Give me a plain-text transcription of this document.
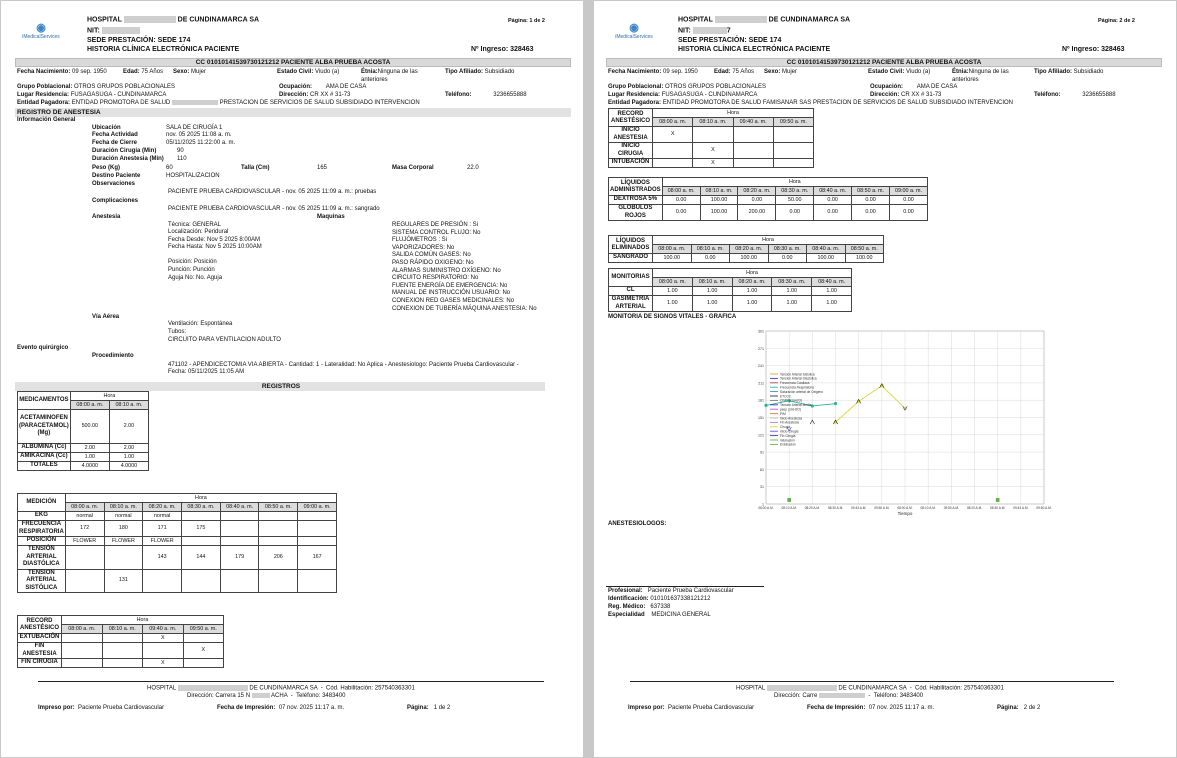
◉
iMedicalServices
HOSPITAL	DE CUNDINAMARCA SA
NIT:
SEDE PRESTACIÓN: SEDE 174
HISTORIA CLÍNICA ELECTRÓNICA PACIENTE
Página: 1 de 2
Nº Ingreso: 328463
CC 01010141539730121212 PACIENTE ALBA PRUEBA ACOSTA
Fecha Nacimiento: 09 sep. 1950	Edad: 75 Años Sexo: Mujer	Estado Civil: Viudo (a)	Étnia:Ninguna de las anteriores
Tipo Afiliado: Subsidiado
Grupo Poblacional: OTROS GRUPOS POBLACIONALES	Ocupación: AMA DE CASA
Lugar Residencia: FUSAGASUGA - CUNDINAMARCA	Dirección: CR XX # 31-73	Teléfono:	3236655888
Entidad Pagadora: ENTIDAD PROMOTORA DE SALUD	PRESTACION DE SERVICIOS DE SALUD SUBSIDIADO INTERVENCION
REGISTRO DE ANESTESIA
Información General
Ubicación	SALA DE CIRUGÍA 1
Fecha Actividad	nov. 05 2025 11:08 a. m.
Fecha de Cierre	05/11/2025 11:22:00 a. m.
Duración Cirugía (Min)	90
Duración Anestesia (Min) 110
Peso (Kg)	60	Talla (Cm)	165	Masa Corporal	22.0
Destino Paciente	HOSPITALIZACION
Observaciones
PACIENTE PRUEBA CARDIOVASCULAR - nov. 05 2025 11:09 a. m.: pruebas
Complicaciones
PACIENTE PRUEBA CARDIOVASCULAR - nov. 05 2025 11:09 a. m.: sangrado
Anestesia	Maquinas
Técnica: GENERAL
Localización: Peridural
Fecha Desde: Nov 5 2025 8:00AM
Fecha Hasta: Nov 5 2025 10:00AM
Posición: Posición
Punción: Punción
Aguja No: No. Aguja
REGULARES DE PRESIÓN : Si
SISTEMA CONTROL FLUJO: No
FLUJÓMETROS : Si
VAPORIZADORES: No
SALIDA COMÚN GASES: No
PASO RÁPIDO OXIGENO: No
ALARMAS SUMINISTRO OXÍGENO: No
CIRCUITO RESPIRATORIO: No
FUENTE ENERGÍA DE EMERGENCIA: No
MANUAL DE INSTRUCCIÓN USUARIO: No
CONEXION RED GASES MEDICINALES: No
CONEXION DE TUBERÍA MÁQUINA ANESTESIA: No
Vía Aérea
Ventilación: Espontánea
Tubos:
CIRCUITO PARA VENTILACION ADULTO
Evento quirúrgico
Procedimiento
471102 - APENDICECTOMIA VIA ABIERTA - Cantidad: 1 - Lateralidad: No Aplica - Anestesiologo: Paciente Prueba Cardiovascular -
Fecha: 05/11/2025 11:05 AM
REGISTROS
MEDICAMENTOS	Hora	
	08:00 a. m.	08:10 a. m.
ACETAMINOFEN (PARACETAMOL) (Mg)	500.00	2.00
ALBUMINA (Cc)	2.00	2.00
AMIKACINA (Cc)	1.00	1.00
TOTALES	4.0000	4.0000
MEDICIÓN	Hora						
	08:00 a. m.	08:10 a. m.	08:20 a. m.	08:30 a. m.	08:40 a. m.	08:50 a. m.	09:00 a. m.
EKG	normal	normal	normal				
FRECUENCIA RESPIRATORIA	172	180	171	175			
POSICIÓN	FLOWER	FLOWER	FLOWER				
TENSIÓN ARTERIAL DIASTÓLICA			143	144	179	206	167
TENSION ARTERIAL SISTÓLICA		131					
RECORD ANESTÉSICO	Hora			
	08:00 a. m.	08:10 a. m.	09:40 a. m.	09:50 a. m.
EXTUBACIÓN			X	
FIN ANESTESIA				X
FIN CIRUGIA			X	
HOSPITAL	DE CUNDINAMARCA SA  -  Cód. Habilitación: 257540363301
Dirección: Carrera 15 N	ACHA  -  Teléfono: 3483400
Impreso por: Paciente Prueba Cardiovascular	Fecha de Impresión: 07 nov. 2025 11:17 a. m.	Página: 1 de 2
◉
iMedicalServices
HOSPITAL	DE CUNDINAMARCA SA
NIT:	7
SEDE PRESTACIÓN: SEDE 174
HISTORIA CLÍNICA ELECTRÓNICA PACIENTE
Página: 2 de 2
Nº Ingreso: 328463
CC 01010141539730121212 PACIENTE ALBA PRUEBA ACOSTA
Fecha Nacimiento: 09 sep. 1950	Edad: 75 Años Sexo: Mujer	Estado Civil: Viudo (a)	Étnia:Ninguna de las anteriores
Tipo Afiliado: Subsidiado
Grupo Poblacional: OTROS GRUPOS POBLACIONALES	Ocupación: AMA DE CASA
Lugar Residencia: FUSAGASUGA - CUNDINAMARCA	Dirección: CR XX # 31-73	Teléfono:	3236655888
Entidad Pagadora: ENTIDAD PROMOTORA DE SALUD FAMISANAR SAS PRESTACION DE SERVICIOS DE SALUD SUBSIDIADO INTERVENCION
RECORD ANESTÉSICO	Hora			
	08:00 a. m.	08:10 a. m.	09:40 a. m.	09:50 a. m.
INICIO ANESTESIA	X			
INICIO CIRUGIA		X		
INTUBACIÓN		X		
LÍQUIDOS ADMINISTRADOS	Hora						
	08:00 a. m.	08:10 a. m.	08:20 a. m.	08:30 a. m.	08:40 a. m.	08:50 a. m.	09:00 a. m.
DEXTROSA 5%	0.00	100.00	0.00	50.00	0.00	0.00	0.00
GLOBULOS ROJOS	0.00	100.00	200.00	0.00	0.00	0.00	0.00
LÍQUIDOS ELIMINADOS	Hora					
	08:00 a. m.	08:10 a. m.	08:20 a. m.	08:30 a. m.	08:40 a. m.	08:50 a. m.
SANGRADO	100.00	0.00	100.00	0.00	100.00	100.00
MONITORIAS	Hora				
	08:00 a. m.	08:10 a. m.	08:20 a. m.	08:30 a. m.	08:40 a. m.
CL	1.00	1.00	1.00	1.00	1.00
GASIMETRIA ARTERIAL	1.00	1.00	1.00	1.00	1.00
MONITORIA DE SIGNOS VITALES - GRAFICA
1
31
61
91
121
151
181
211
241
271
301
08:00 A.M. 08:10 A.M. 08:20 A.M. 08:30 A.M. 09:43 A.M. 09:50 A.M. 08:00 A.M. 08:10 A.M. 09:50 A.M. 08:20 A.M. 08:30 A.M. 09:43 A.M. 09:50 A.M.
Tiempo
Tensión Arterial Sistolica
Tensión Arterial Diastolica
Frecuencia Cardiaca
Frecuencia Respiratoria
Saturación arterial de Oxigeno
ETCO2
CPAP (cmH2O)
Tensión Arterial Media
peep (cmH2O)
PIM
Inicio Anestesia
Fin Anestesia
Cirugia
Inicio Cirugia
Fin Cirugia
Intubación
Extubación
ANESTESIOLOGOS:
Profesional: Paciente Prueba Cardiovascular
Identificación: 010101637338121212
Reg. Médico: 637338
Especialidad MEDICINA GENERAL
HOSPITAL	DE CUNDINAMARCA SA  -  Cód. Habilitación: 257540363301
Dirección: Carre	-  Teléfono: 3483400
Impreso por: Paciente Prueba Cardiovascular	Fecha de Impresión: 07 nov. 2025 11:17 a. m.	Página: 2 de 2
